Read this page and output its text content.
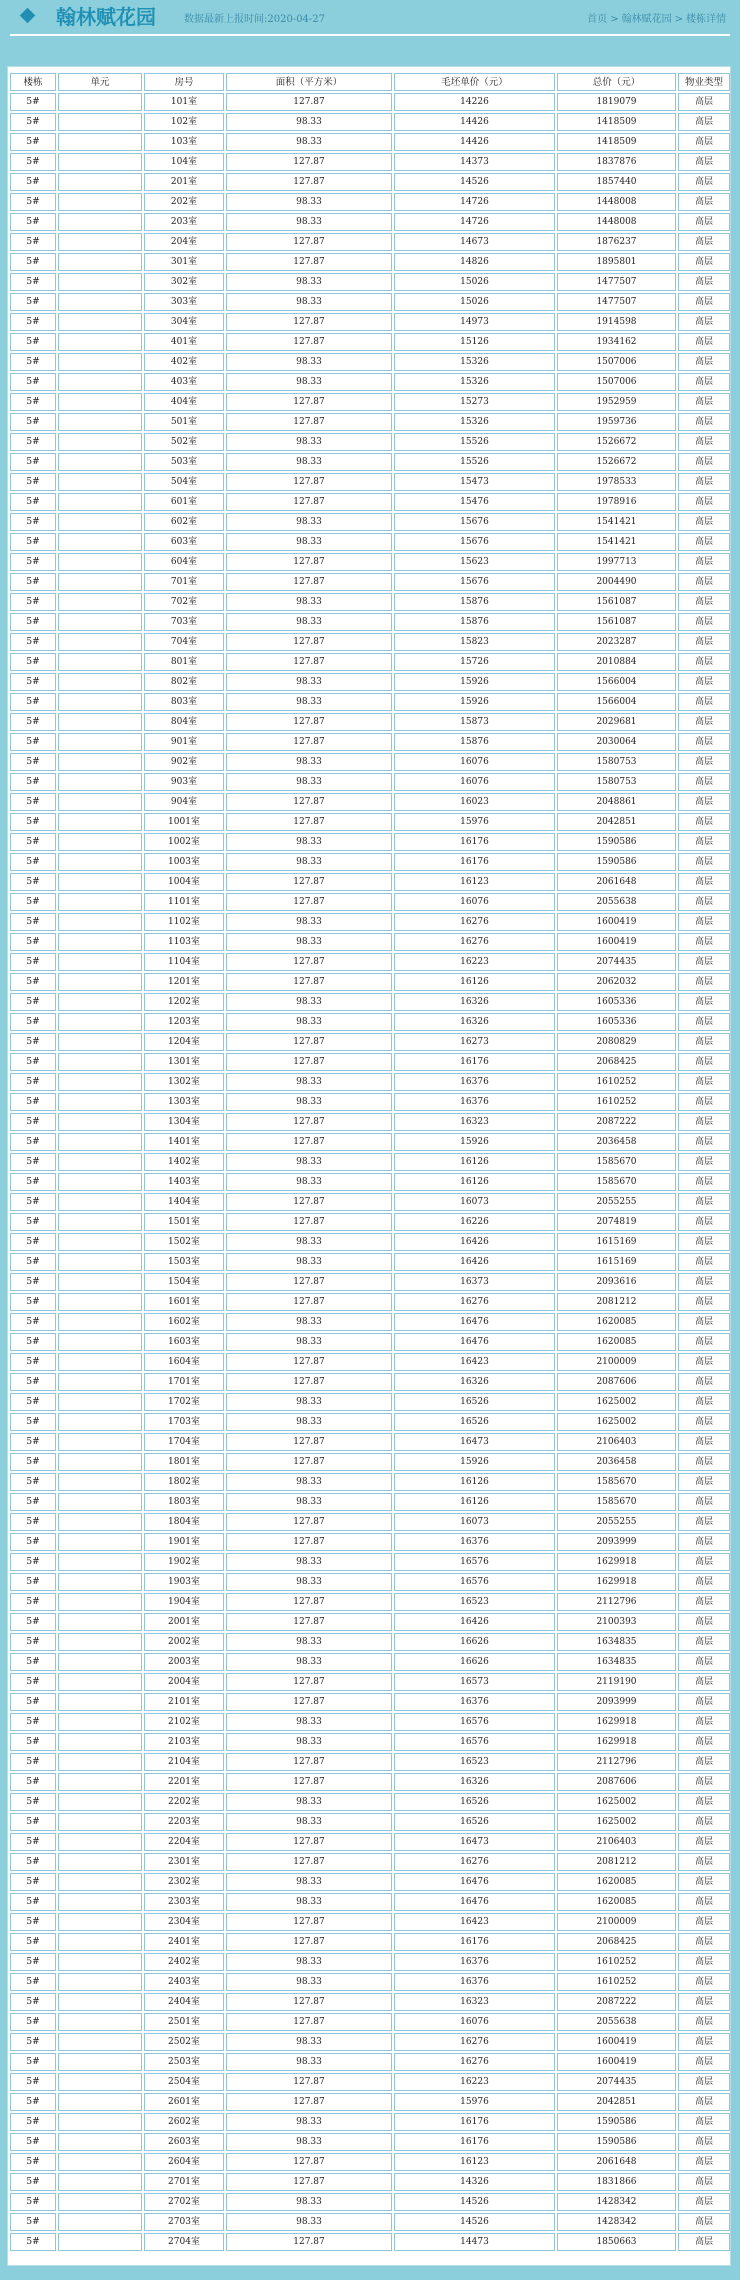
翰林赋花园	数据最新上报时间:2020-04-27	首页 > 翰林赋花园 > 楼栋详情
楼栋	单元	房号	面积（平方米）	毛坯单价（元）	总价（元）	物业类型
5#		101室	127.87	14226	1819079	高层
5#		102室	98.33	14426	1418509	高层
5#		103室	98.33	14426	1418509	高层
5#		104室	127.87	14373	1837876	高层
5#		201室	127.87	14526	1857440	高层
5#		202室	98.33	14726	1448008	高层
5#		203室	98.33	14726	1448008	高层
5#		204室	127.87	14673	1876237	高层
5#		301室	127.87	14826	1895801	高层
5#		302室	98.33	15026	1477507	高层
5#		303室	98.33	15026	1477507	高层
5#		304室	127.87	14973	1914598	高层
5#		401室	127.87	15126	1934162	高层
5#		402室	98.33	15326	1507006	高层
5#		403室	98.33	15326	1507006	高层
5#		404室	127.87	15273	1952959	高层
5#		501室	127.87	15326	1959736	高层
5#		502室	98.33	15526	1526672	高层
5#		503室	98.33	15526	1526672	高层
5#		504室	127.87	15473	1978533	高层
5#		601室	127.87	15476	1978916	高层
5#		602室	98.33	15676	1541421	高层
5#		603室	98.33	15676	1541421	高层
5#		604室	127.87	15623	1997713	高层
5#		701室	127.87	15676	2004490	高层
5#		702室	98.33	15876	1561087	高层
5#		703室	98.33	15876	1561087	高层
5#		704室	127.87	15823	2023287	高层
5#		801室	127.87	15726	2010884	高层
5#		802室	98.33	15926	1566004	高层
5#		803室	98.33	15926	1566004	高层
5#		804室	127.87	15873	2029681	高层
5#		901室	127.87	15876	2030064	高层
5#		902室	98.33	16076	1580753	高层
5#		903室	98.33	16076	1580753	高层
5#		904室	127.87	16023	2048861	高层
5#		1001室	127.87	15976	2042851	高层
5#		1002室	98.33	16176	1590586	高层
5#		1003室	98.33	16176	1590586	高层
5#		1004室	127.87	16123	2061648	高层
5#		1101室	127.87	16076	2055638	高层
5#		1102室	98.33	16276	1600419	高层
5#		1103室	98.33	16276	1600419	高层
5#		1104室	127.87	16223	2074435	高层
5#		1201室	127.87	16126	2062032	高层
5#		1202室	98.33	16326	1605336	高层
5#		1203室	98.33	16326	1605336	高层
5#		1204室	127.87	16273	2080829	高层
5#		1301室	127.87	16176	2068425	高层
5#		1302室	98.33	16376	1610252	高层
5#		1303室	98.33	16376	1610252	高层
5#		1304室	127.87	16323	2087222	高层
5#		1401室	127.87	15926	2036458	高层
5#		1402室	98.33	16126	1585670	高层
5#		1403室	98.33	16126	1585670	高层
5#		1404室	127.87	16073	2055255	高层
5#		1501室	127.87	16226	2074819	高层
5#		1502室	98.33	16426	1615169	高层
5#		1503室	98.33	16426	1615169	高层
5#		1504室	127.87	16373	2093616	高层
5#		1601室	127.87	16276	2081212	高层
5#		1602室	98.33	16476	1620085	高层
5#		1603室	98.33	16476	1620085	高层
5#		1604室	127.87	16423	2100009	高层
5#		1701室	127.87	16326	2087606	高层
5#		1702室	98.33	16526	1625002	高层
5#		1703室	98.33	16526	1625002	高层
5#		1704室	127.87	16473	2106403	高层
5#		1801室	127.87	15926	2036458	高层
5#		1802室	98.33	16126	1585670	高层
5#		1803室	98.33	16126	1585670	高层
5#		1804室	127.87	16073	2055255	高层
5#		1901室	127.87	16376	2093999	高层
5#		1902室	98.33	16576	1629918	高层
5#		1903室	98.33	16576	1629918	高层
5#		1904室	127.87	16523	2112796	高层
5#		2001室	127.87	16426	2100393	高层
5#		2002室	98.33	16626	1634835	高层
5#		2003室	98.33	16626	1634835	高层
5#		2004室	127.87	16573	2119190	高层
5#		2101室	127.87	16376	2093999	高层
5#		2102室	98.33	16576	1629918	高层
5#		2103室	98.33	16576	1629918	高层
5#		2104室	127.87	16523	2112796	高层
5#		2201室	127.87	16326	2087606	高层
5#		2202室	98.33	16526	1625002	高层
5#		2203室	98.33	16526	1625002	高层
5#		2204室	127.87	16473	2106403	高层
5#		2301室	127.87	16276	2081212	高层
5#		2302室	98.33	16476	1620085	高层
5#		2303室	98.33	16476	1620085	高层
5#		2304室	127.87	16423	2100009	高层
5#		2401室	127.87	16176	2068425	高层
5#		2402室	98.33	16376	1610252	高层
5#		2403室	98.33	16376	1610252	高层
5#		2404室	127.87	16323	2087222	高层
5#		2501室	127.87	16076	2055638	高层
5#		2502室	98.33	16276	1600419	高层
5#		2503室	98.33	16276	1600419	高层
5#		2504室	127.87	16223	2074435	高层
5#		2601室	127.87	15976	2042851	高层
5#		2602室	98.33	16176	1590586	高层
5#		2603室	98.33	16176	1590586	高层
5#		2604室	127.87	16123	2061648	高层
5#		2701室	127.87	14326	1831866	高层
5#		2702室	98.33	14526	1428342	高层
5#		2703室	98.33	14526	1428342	高层
5#		2704室	127.87	14473	1850663	高层
